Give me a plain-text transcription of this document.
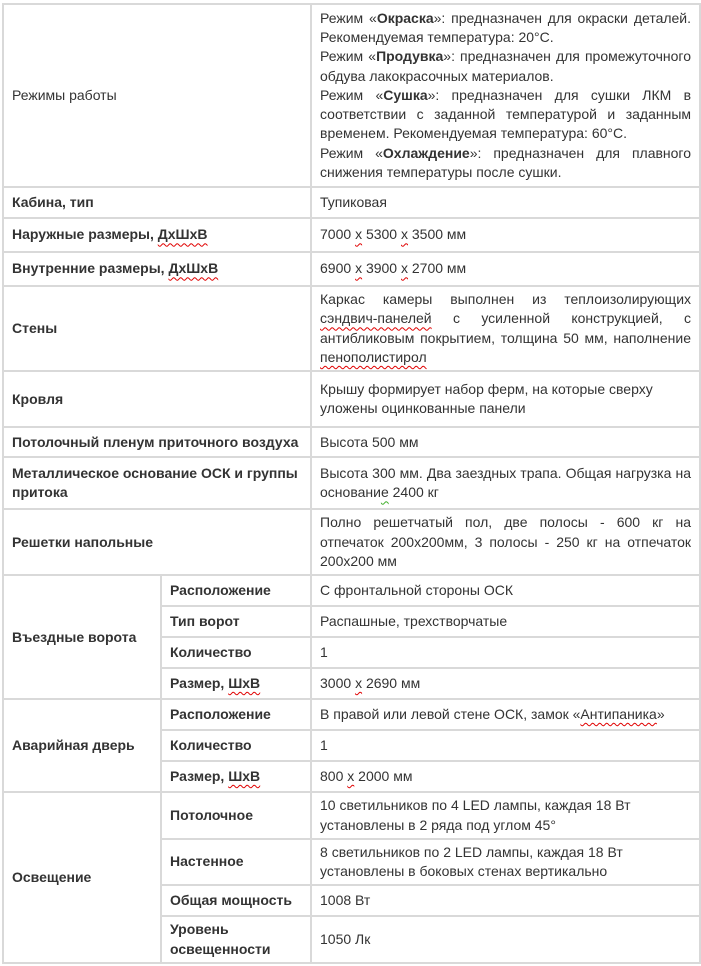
Режимы работы		Режим «Окраска»: предназначен для окраски деталей. Рекомендуемая температура: 20°C.
Режим «Продувка»: предназначен для промежуточного обдува лакокрасочных материалов.
Режим «Сушка»: предназначен для сушки ЛКМ в соответствии с заданной температурой и заданным временем. Рекомендуемая температура: 60°C.
Режим «Охлаждение»: предназначен для плавного снижения температуры после сушки.

Кабина, тип		Тупиковая
Наружные размеры, ДхШхВ		7000 x 5300 x 3500 мм
Внутренние размеры, ДхШхВ		6900 x 3900 x 2700 мм
Стены		Каркас камеры выполнен из теплоизолирующих сэндвич-панелей с усиленной конструкцией, с антибликовым покрытием, толщина 50 мм, наполнение пенополистирол
Кровля		Крышу формирует набор ферм, на которые сверху уложены оцинкованные панели
Потолочный пленум приточного воздуха		Высота 500 мм
Металлическое основание ОСК и группы притока		Высота 300 мм. Два заездных трапа. Общая нагрузка на основание 2400 кг
Решетки напольные		Полно решетчатый пол, две полосы - 600 кг на отпечаток 200x200мм, 3 полосы - 250 кг на отпечаток 200x200 мм
Въездные ворота	Расположение	С фронтальной стороны ОСК
	Тип ворот	Распашные, трехстворчатые
	Количество	1
	Размер, ШхВ	3000 x 2690 мм
Аварийная дверь	Расположение	В правой или левой стене ОСК, замок «Антипаника»
	Количество	1
	Размер, ШхВ	800 x 2000 мм
Освещение	Потолочное	10 светильников по 4 LED лампы, каждая 18 Вт установлены в 2 ряда под углом 45°
	Настенное	8 светильников по 2 LED лампы, каждая 18 Вт установлены в боковых стенах вертикально
	Общая мощность	1008 Вт
	Уровень освещенности	1050 Лк
